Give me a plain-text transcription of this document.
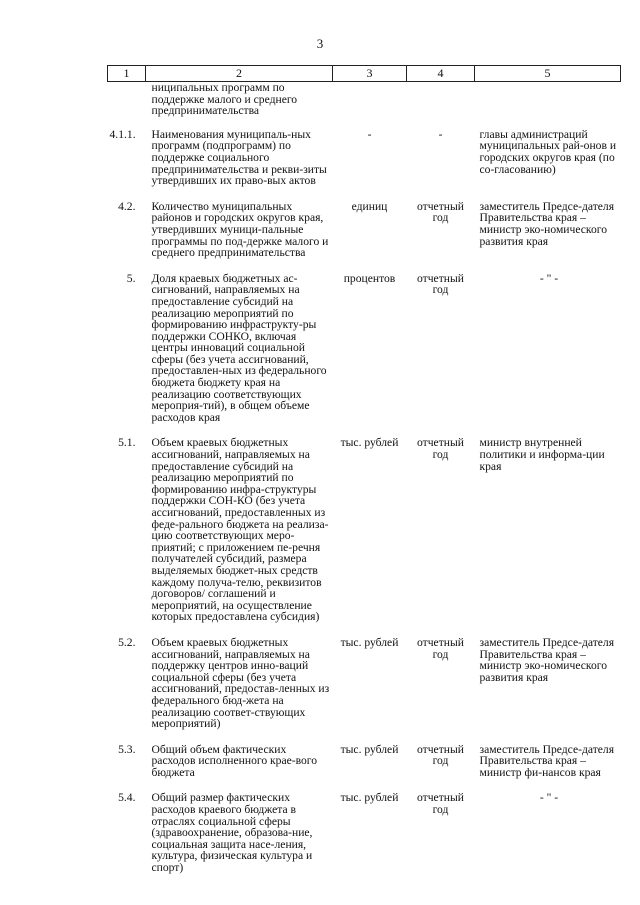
3
1	2	3	4	5
	ниципальных программ по поддержке малого и среднего предпринимательства			
4.1.1.	Наименования муниципаль-ных программ (подпрограмм) по поддержке социального предпринимательства и рекви-зиты утвердивших их право-вых актов	-	-	главы администраций муниципальных рай-онов и городских округов края (по со-гласованию)
4.2.	Количество муниципальных районов и городских округов края, утвердивших муници-пальные программы по под-держке малого и среднего предпринимательства	единиц	отчетный год	заместитель Предсе-дателя Правительства края – министр эко-номического развития края
5.	Доля краевых бюджетных ас-сигнований, направляемых на предоставление субсидий на реализацию мероприятий по формированию инфраструкту-ры поддержки СОНКО, включая центры инноваций социальной сферы (без учета ассигнований, предоставлен-ных из федерального бюджета бюджету края на реализацию соответствующих мероприя-тий), в общем объеме расходов края	процентов	отчетный год	- " -
5.1.	Объем краевых бюджетных ассигнований, направляемых на предоставление субсидий на реализацию мероприятий по формированию инфра-структуры поддержки СОН-КО (без учета ассигнований, предоставленных из феде-рального бюджета на реализа-цию соответствующих меро-приятий; с приложением пе-речня получателей субсидий, размера выделяемых бюджет-ных средств каждому получа-телю, реквизитов договоров/ соглашений и мероприятий, на осуществление которых предоставлена субсидия)	тыс. рублей	отчетный год	министр внутренней политики и информа-ции края
5.2.	Объем краевых бюджетных ассигнований, направляемых на поддержку центров инно-ваций социальной сферы (без учета ассигнований, предостав-ленных из федерального бюд-жета на реализацию соответ-ствующих мероприятий)	тыс. рублей	отчетный год	заместитель Предсе-дателя Правительства края – министр эко-номического развития края
5.3.	Общий объем фактических расходов исполненного крае-вого бюджета	тыс. рублей	отчетный год	заместитель Предсе-дателя Правительства края – министр фи-нансов края
5.4.	Общий размер фактических расходов краевого бюджета в отраслях социальной сферы (здравоохранение, образова-ние, социальная защита насе-ления, культура, физическая культура и спорт)	тыс. рублей	отчетный год	- " -
